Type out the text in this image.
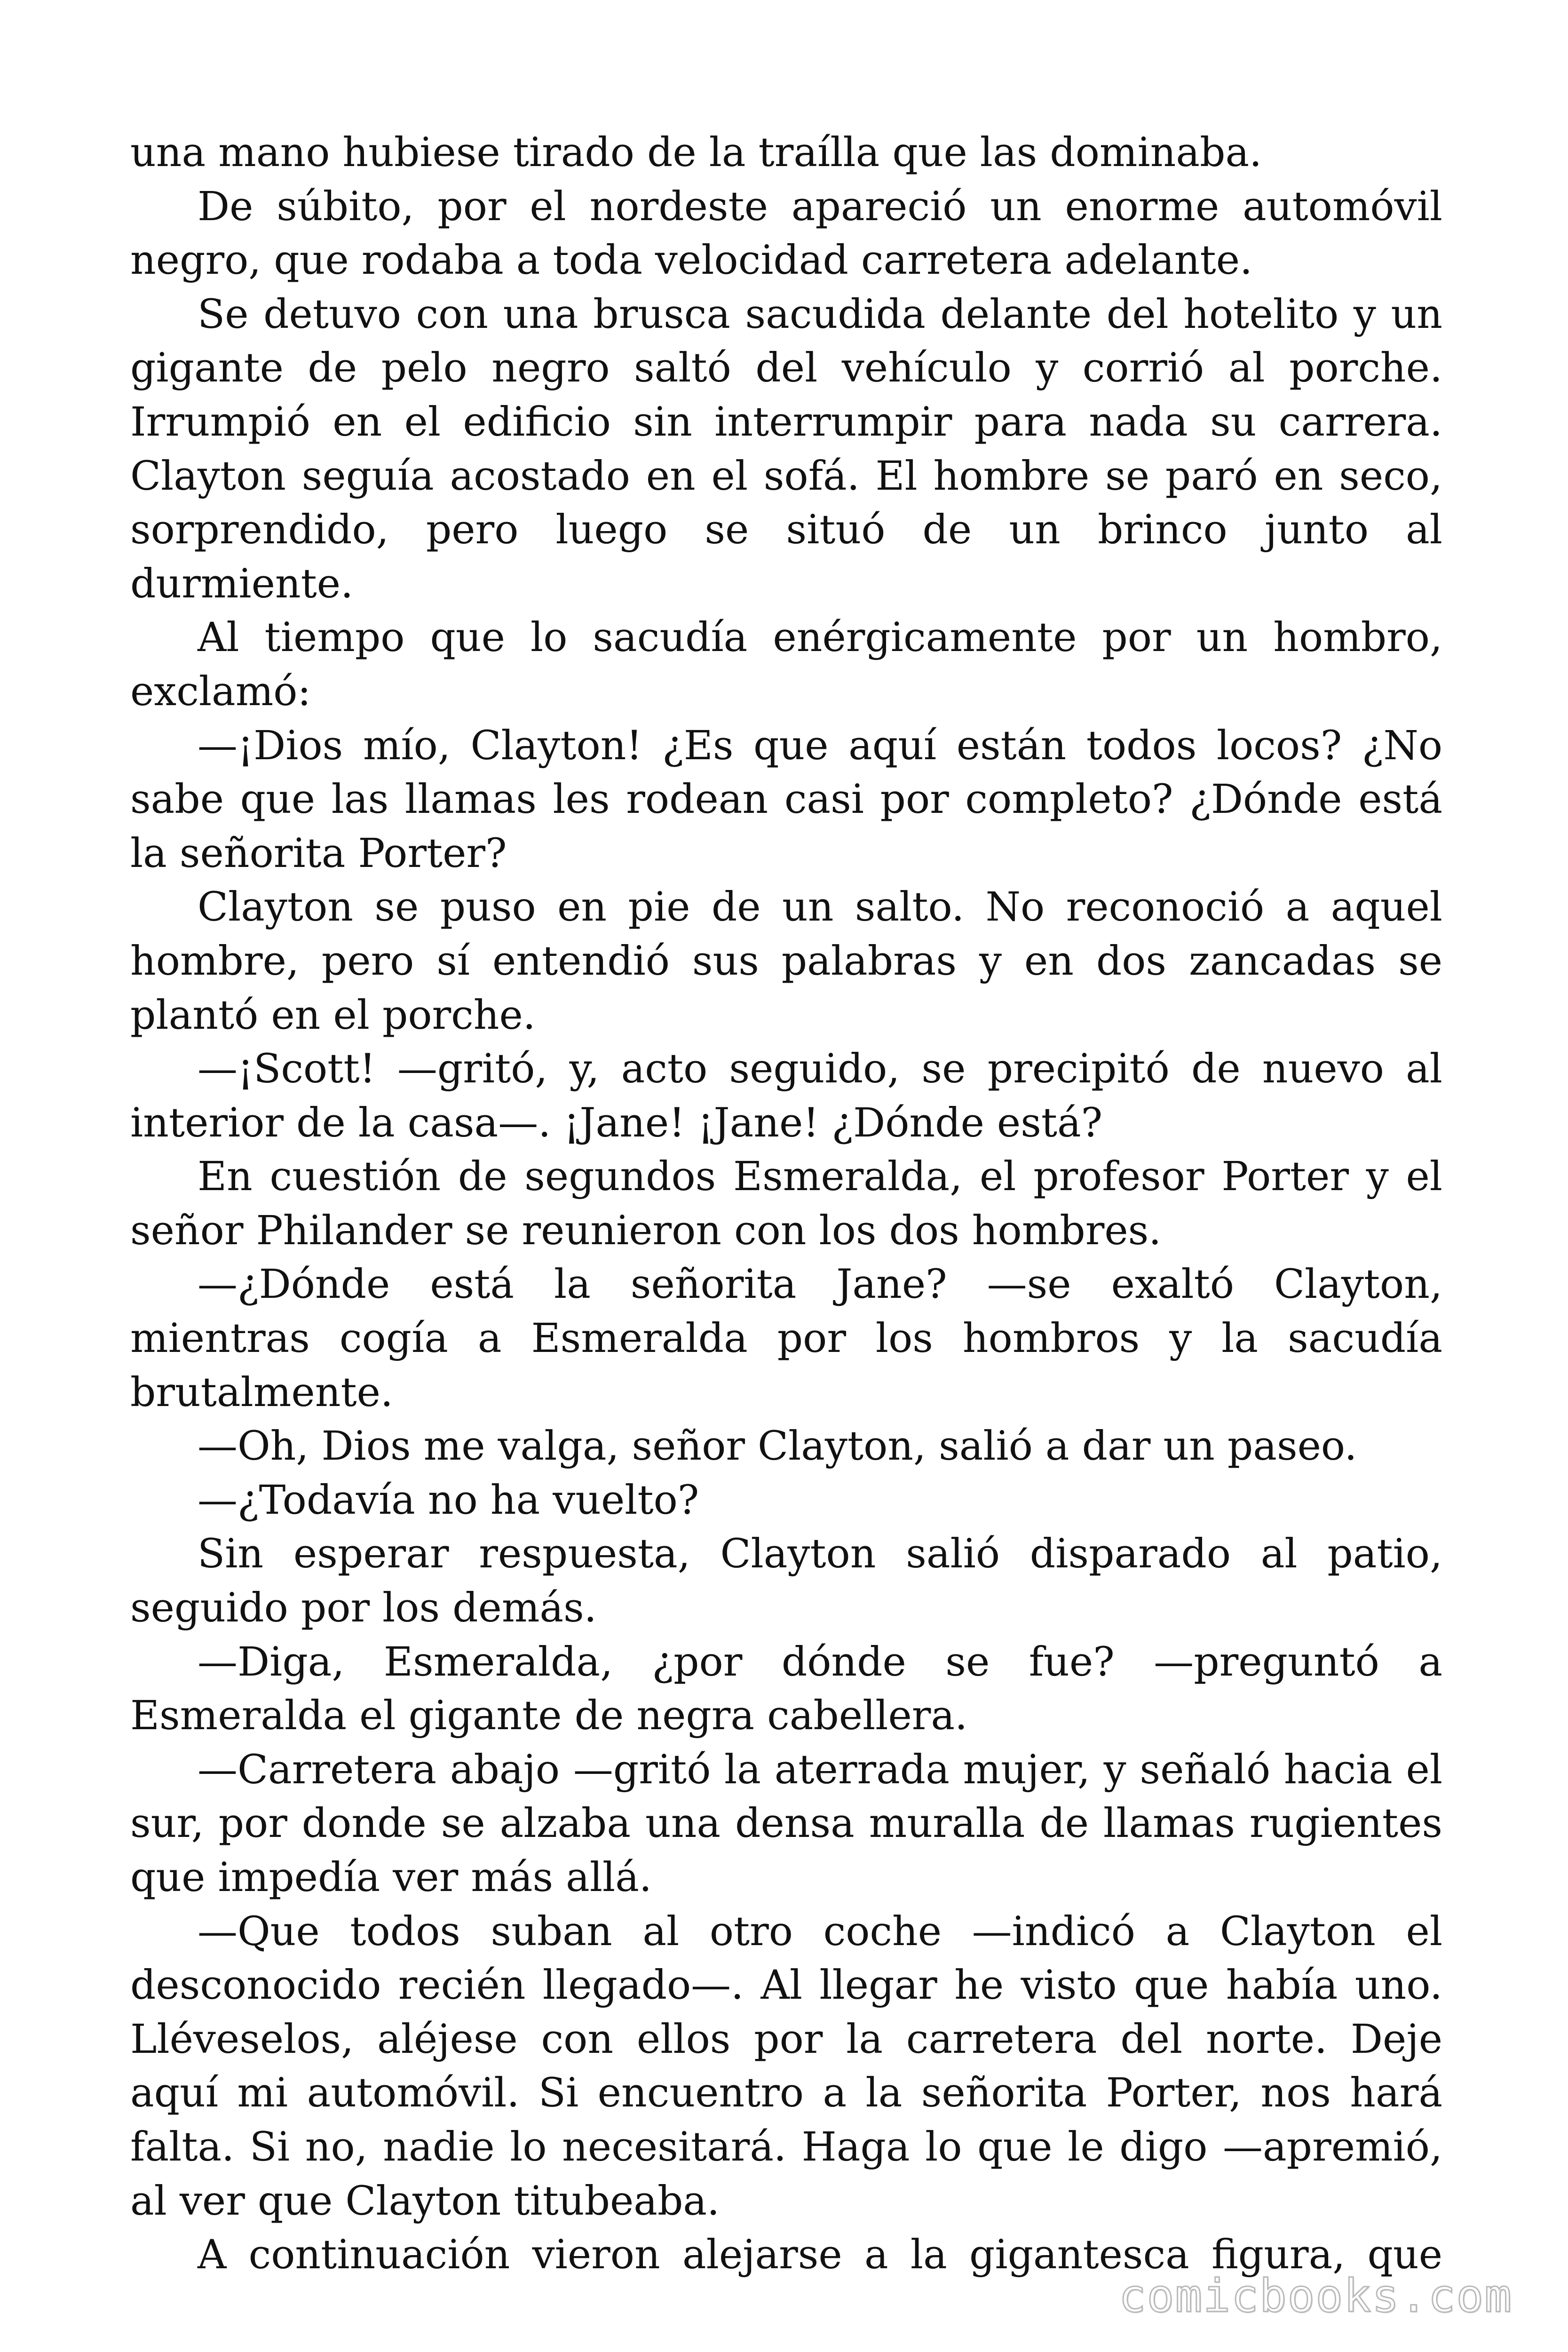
una mano hubiese tirado de la traílla que las dominaba.

De súbito, por el nordeste apareció un enorme automóvil negro, que rodaba a toda velocidad carretera adelante.

Se detuvo con una brusca sacudida delante del hotelito y un gigante de pelo negro saltó del vehículo y corrió al porche. Irrumpió en el edificio sin interrumpir para nada su carrera. Clayton seguía acostado en el sofá. El hombre se paró en seco, sorprendido, pero luego se situó de un brinco junto al durmiente.

Al tiempo que lo sacudía enérgicamente por un hombro, exclamó:

—¡Dios mío, Clayton! ¿Es que aquí están todos locos? ¿No sabe que las llamas les rodean casi por completo? ¿Dónde está la señorita Porter?

Clayton se puso en pie de un salto. No reconoció a aquel hombre, pero sí entendió sus palabras y en dos zancadas se plantó en el porche.

—¡Scott! —gritó, y, acto seguido, se precipitó de nuevo al interior de la casa—. ¡Jane! ¡Jane! ¿Dónde está?

En cuestión de segundos Esmeralda, el profesor Porter y el señor Philander se reunieron con los dos hombres.

—¿Dónde está la señorita Jane? —se exaltó Clayton, mientras cogía a Esmeralda por los hombros y la sacudía brutalmente.

—Oh, Dios me valga, señor Clayton, salió a dar un paseo.

—¿Todavía no ha vuelto?

Sin esperar respuesta, Clayton salió disparado al patio, seguido por los demás.

—Diga, Esmeralda, ¿por dónde se fue? —preguntó a Esmeralda el gigante de negra cabellera.

—Carretera abajo —gritó la aterrada mujer, y señaló hacia el sur, por donde se alzaba una densa muralla de llamas rugientes que impedía ver más allá.

—Que todos suban al otro coche —indicó a Clayton el desconocido recién llegado—. Al llegar he visto que había uno. Lléveselos, aléjese con ellos por la carretera del norte. Deje aquí mi automóvil. Si encuentro a la señorita Porter, nos hará falta. Si no, nadie lo necesitará. Haga lo que le digo —apremió, al ver que Clayton titubeaba.

A continuación vieron alejarse a la gigantesca figura, que

comicbooks.com
